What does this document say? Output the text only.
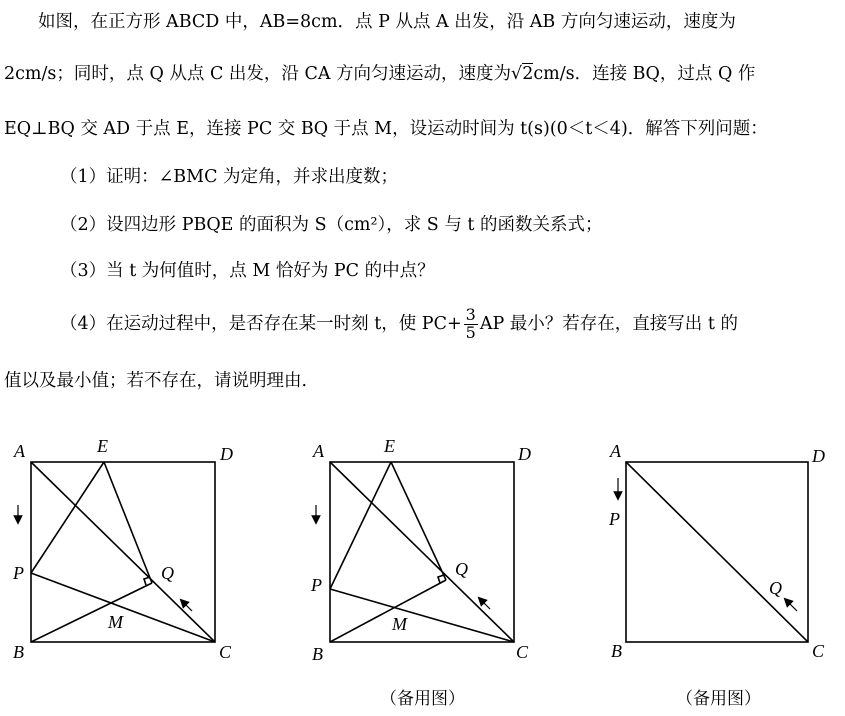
如图，在正方形 ABCD 中，AB=8cm．点 P 从点 A 出发，沿 AB 方向匀速运动，速度为
2cm/s；同时，点 Q 从点 C 出发，沿 CA 方向匀速运动，速度为√2cm/s．连接 BQ，过点 Q 作
EQ⊥BQ 交 AD 于点 E，连接 PC 交 BQ 于点 M，设运动时间为 t(s)(0＜t＜4)．解答下列问题：
（1）证明：∠BMC 为定角，并求出度数；
（2）设四边形 PBQE 的面积为 S（cm²），求 S 与 t 的函数关系式；
（3）当 t 为何值时，点 M 恰好为 PC 的中点？
（4）在运动过程中，是否存在某一时刻 t，使 $PC+ \frac{3}{5}$ AP 最小？若存在，直接写出 t 的
值以及最小值；若不存在，请说明理由.
A	E	D
P	Q
M
B	C
A	E	D
P
Q
M
B	C
A	D
P
Q
B	C
（备用图）	（备用图）
